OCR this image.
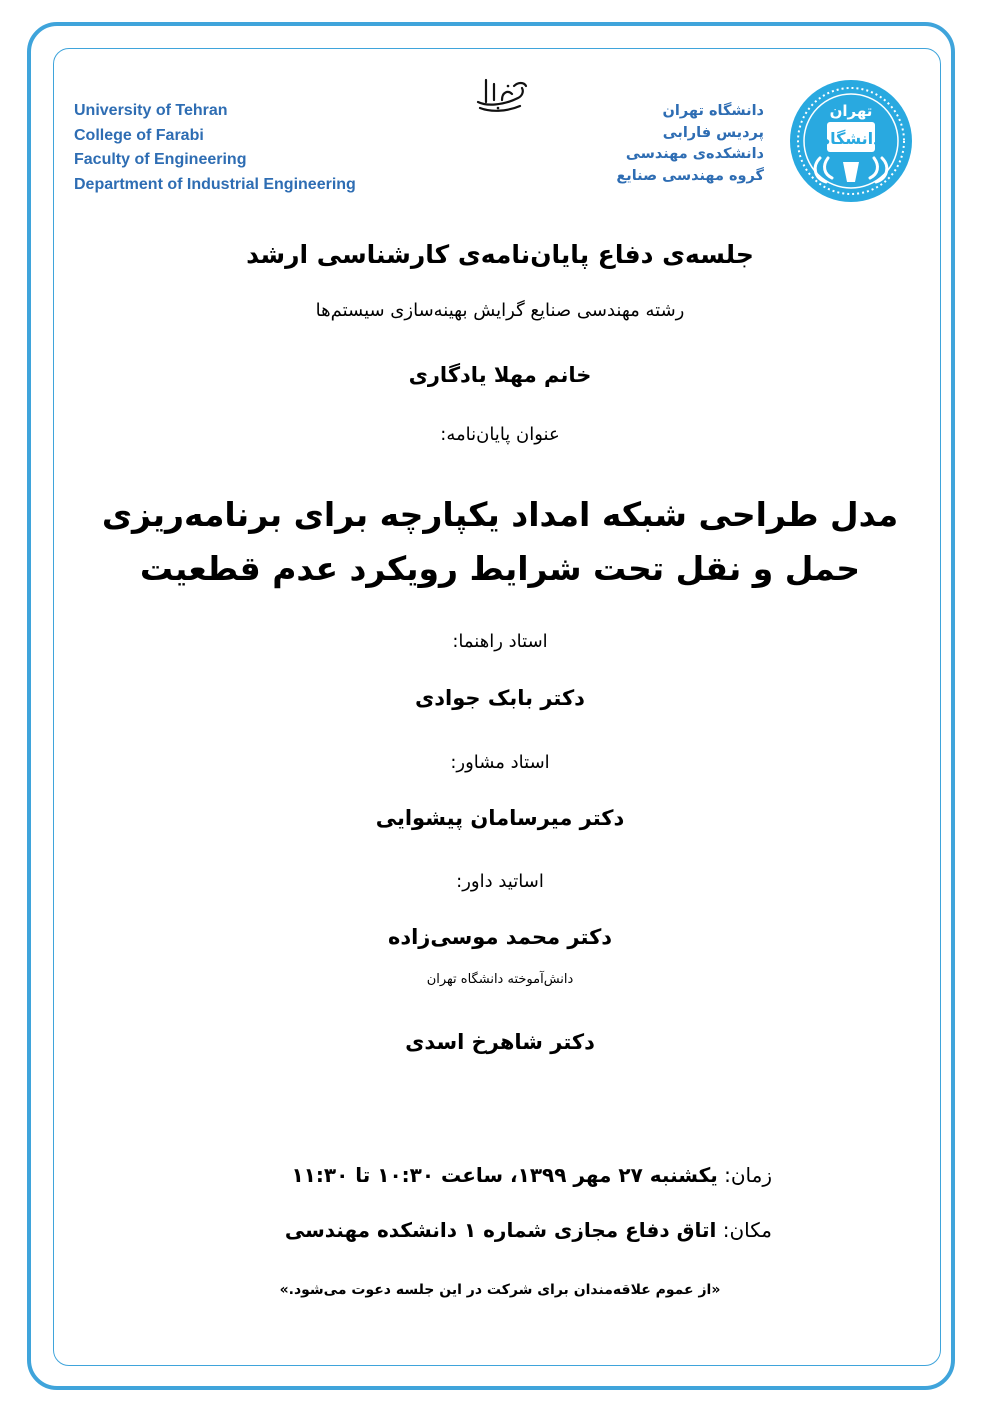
University of Tehran
College of Farabi
Faculty of Engineering
Department of Industrial Engineering
دانشگاه تهران
پردیس فارابی
دانشکده‌ی مهندسی
گروه مهندسی صنایع
دانشگاه
تهران
جلسه‌ی دفاع پایان‌نامه‌ی کارشناسی ارشد
رشته مهندسی صنایع گرایش بهینه‌سازی سیستم‌ها
خانم مهلا یادگاری
عنوان پایان‌نامه:
مدل طراحی شبکه امداد یکپارچه برای برنامه‌ریزی
حمل و نقل تحت شرایط رویکرد عدم قطعیت
استاد راهنما:
دکتر بابک جوادی
استاد مشاور:
دکتر میرسامان پیشوایی
اساتید داور:
دکتر محمد موسی‌زاده
دانش‌آموخته دانشگاه تهران
دکتر شاهرخ اسدی
زمان: یکشنبه ۲۷ مهر ۱۳۹۹، ساعت ۱۰:۳۰ تا ۱۱:۳۰
مکان: اتاق دفاع مجازی شماره ۱ دانشکده مهندسی
«از عموم علاقه‌مندان برای شرکت در این جلسه دعوت می‌شود.»
